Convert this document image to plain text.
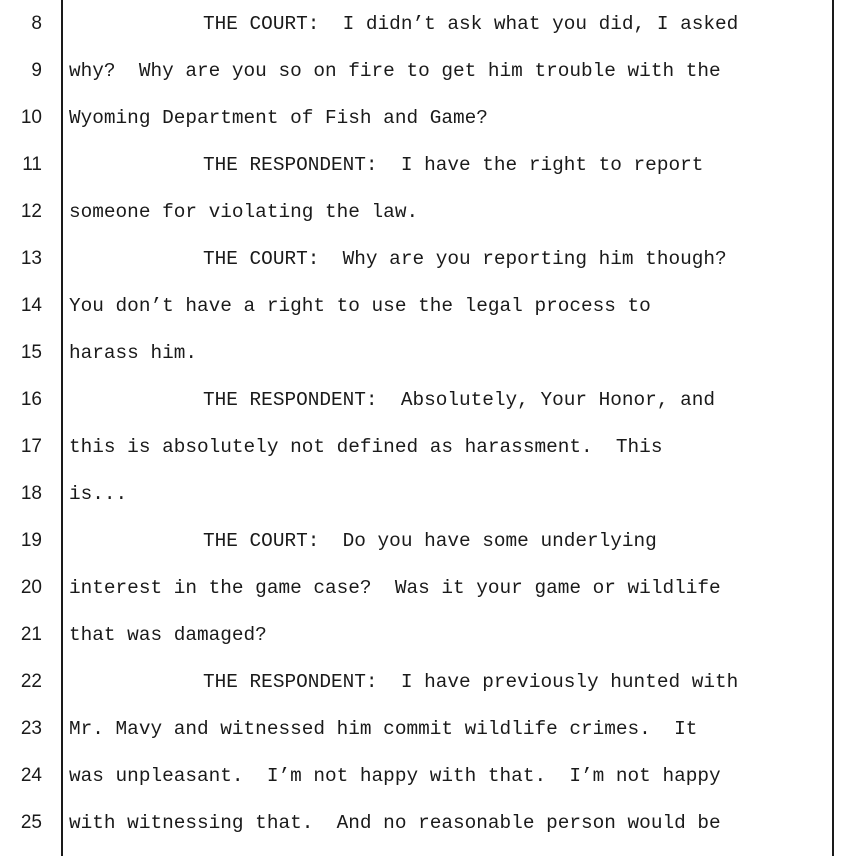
8	THE COURT:  I didn’t ask what you did, I asked
9 why?  Why are you so on fire to get him trouble with the
10 Wyoming Department of Fish and Game?
11	THE RESPONDENT:  I have the right to report
12 someone for violating the law.
13	THE COURT:  Why are you reporting him though?
14 You don’t have a right to use the legal process to
15 harass him.
16	THE RESPONDENT:  Absolutely, Your Honor, and
17 this is absolutely not defined as harassment.  This
18 is...
19	THE COURT:  Do you have some underlying
20 interest in the game case?  Was it your game or wildlife
21 that was damaged?
22	THE RESPONDENT:  I have previously hunted with
23 Mr. Mavy and witnessed him commit wildlife crimes.  It
24 was unpleasant.  I’m not happy with that.  I’m not happy
25 with witnessing that.  And no reasonable person would be
